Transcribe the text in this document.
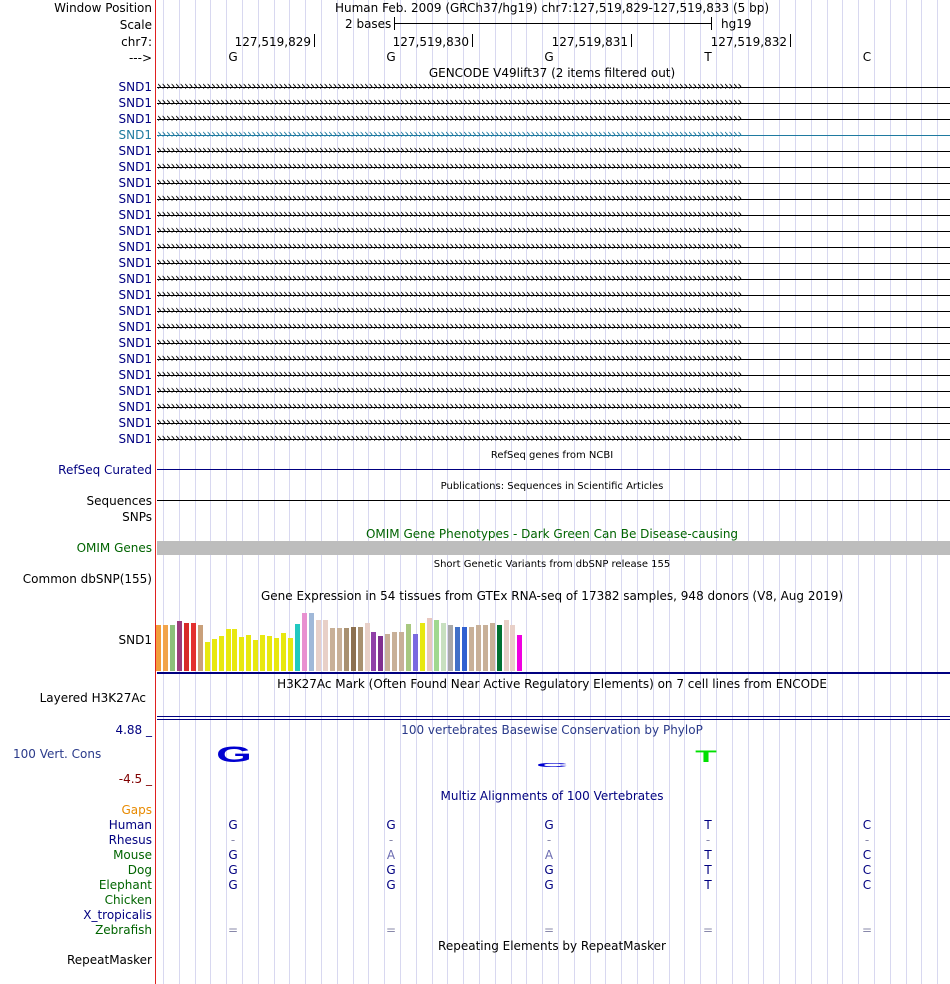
Window Position	Human Feb. 2009 (GRCh37/hg19) chr7:127,519,829-127,519,833 (5 bp)
Scale	2 bases	hg19
chr7:	127,519,829	127,519,830	127,519,831	127,519,832
--->	G	G	G	T	C
GENCODE V49lift37 (2 items filtered out)
SND1 ››››››››››››››››››››››››››››››››››››››››››››››››››››››››››››››››››››››››››››››››››››››››››››››››››››››››››››››››››››››››››››››››››
SND1 ››››››››››››››››››››››››››››››››››››››››››››››››››››››››››››››››››››››››››››››››››››››››››››››››››››››››››››››››››››››››››››››››››
SND1 ››››››››››››››››››››››››››››››››››››››››››››››››››››››››››››››››››››››››››››››››››››››››››››››››››››››››››››››››››››››››››››››››››
SND1 ››››››››››››››››››››››››››››››››››››››››››››››››››››››››››››››››››››››››››››››››››››››››››››››››››››››››››››››››››››››››››››››››››
SND1 ››››››››››››››››››››››››››››››››››››››››››››››››››››››››››››››››››››››››››››››››››››››››››››››››››››››››››››››››››››››››››››››››››
SND1 ››››››››››››››››››››››››››››››››››››››››››››››››››››››››››››››››››››››››››››››››››››››››››››››››››››››››››››››››››››››››››››››››››
SND1 ››››››››››››››››››››››››››››››››››››››››››››››››››››››››››››››››››››››››››››››››››››››››››››››››››››››››››››››››››››››››››››››››››
SND1 ››››››››››››››››››››››››››››››››››››››››››››››››››››››››››››››››››››››››››››››››››››››››››››››››››››››››››››››››››››››››››››››››››
SND1 ››››››››››››››››››››››››››››››››››››››››››››››››››››››››››››››››››››››››››››››››››››››››››››››››››››››››››››››››››››››››››››››››››
SND1 ››››››››››››››››››››››››››››››››››››››››››››››››››››››››››››››››››››››››››››››››››››››››››››››››››››››››››››››››››››››››››››››››››
SND1 ››››››››››››››››››››››››››››››››››››››››››››››››››››››››››››››››››››››››››››››››››››››››››››››››››››››››››››››››››››››››››››››››››
SND1 ››››››››››››››››››››››››››››››››››››››››››››››››››››››››››››››››››››››››››››››››››››››››››››››››››››››››››››››››››››››››››››››››››
SND1 ››››››››››››››››››››››››››››››››››››››››››››››››››››››››››››››››››››››››››››››››››››››››››››››››››››››››››››››››››››››››››››››››››
SND1 ››››››››››››››››››››››››››››››››››››››››››››››››››››››››››››››››››››››››››››››››››››››››››››››››››››››››››››››››››››››››››››››››››
SND1 ››››››››››››››››››››››››››››››››››››››››››››››››››››››››››››››››››››››››››››››››››››››››››››››››››››››››››››››››››››››››››››››››››
SND1 ››››››››››››››››››››››››››››››››››››››››››››››››››››››››››››››››››››››››››››››››››››››››››››››››››››››››››››››››››››››››››››››››››
SND1 ››››››››››››››››››››››››››››››››››››››››››››››››››››››››››››››››››››››››››››››››››››››››››››››››››››››››››››››››››››››››››››››››››
SND1 ››››››››››››››››››››››››››››››››››››››››››››››››››››››››››››››››››››››››››››››››››››››››››››››››››››››››››››››››››››››››››››››››››
SND1 ››››››››››››››››››››››››››››››››››››››››››››››››››››››››››››››››››››››››››››››››››››››››››››››››››››››››››››››››››››››››››››››››››
SND1 ››››››››››››››››››››››››››››››››››››››››››››››››››››››››››››››››››››››››››››››››››››››››››››››››››››››››››››››››››››››››››››››››››
SND1 ››››››››››››››››››››››››››››››››››››››››››››››››››››››››››››››››››››››››››››››››››››››››››››››››››››››››››››››››››››››››››››››››››
SND1 ››››››››››››››››››››››››››››››››››››››››››››››››››››››››››››››››››››››››››››››››››››››››››››››››››››››››››››››››››››››››››››››››››
SND1 ››››››››››››››››››››››››››››››››››››››››››››››››››››››››››››››››››››››››››››››››››››››››››››››››››››››››››››››››››››››››››››››››››
RefSeq genes from NCBI
RefSeq Curated
Publications: Sequences in Scientific Articles
Sequences
SNPs
OMIM Gene Phenotypes - Dark Green Can Be Disease-causing
OMIM Genes
Short Genetic Variants from dbSNP release 155
Common dbSNP(155)
Gene Expression in 54 tissues from GTEx RNA-seq of 17382 samples, 948 donors (V8, Aug 2019)
SND1
H3K27Ac Mark (Often Found Near Active Regulatory Elements) on 7 cell lines from ENCODE
Layered H3K27Ac
100 vertebrates Basewise Conservation by PhyloP
4.88 _
100 Vert. Cons
-4.5 _
G	C	T
Multiz Alignments of 100 Vertebrates
Gaps
Human	G	G	G	T	C
Rhesus	-	-	-	-	-
Mouse	G	A	A	T	C
Dog	G	G	G	T	C
Elephant	G	G	G	T	C
Chicken
X_tropicalis
Zebrafish	=	=	=	=	=
Repeating Elements by RepeatMasker
RepeatMasker
